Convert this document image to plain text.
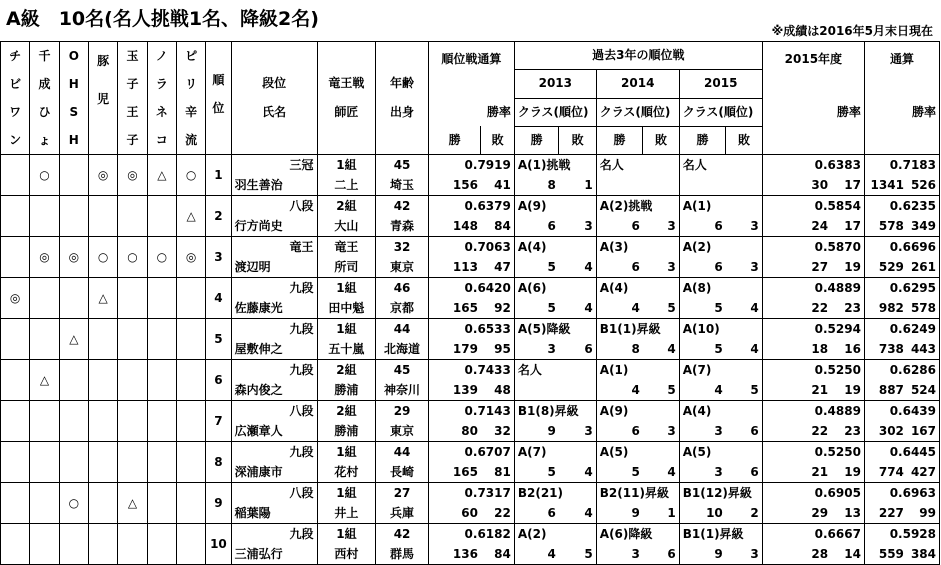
A級　10名(名人挑戦1名、降級2名)
※成績は2016年5月末日現在
チ
ビ
ワ
ン	千
成
ひ
ょ	O
H
S
H	豚
児	玉
子
王
子	ノ
ラ
ネ
コ	ピ
リ
辛
流	順
位				順位戦通算		過去3年の順位戦						2015年度		通算	
								段位	竜王戦	年齢			2013		2014		2015					
								氏名	師匠	出身	勝率		クラス(順位)		クラス(順位)		クラス(順位)		勝率		勝率	
											勝	敗	勝	敗	勝	敗	勝	敗				
	○		◎	◎	△	○	1	三冠	1組	45	0.7919		A(1)挑戦		名人		名人		0.6383		0.7183	
								羽生善治	二上	埼玉	156	41	8	1					30	17	1341	526
						△	2	八段	2組	42	0.6379		A(9)		A(2)挑戦		A(1)		0.5854		0.6235	
								行方尚史	大山	青森	148	84	6	3	6	3	6	3	24	17	578	349
	◎	◎	○	○	○	◎	3	竜王	竜王	32	0.7063		A(4)		A(3)		A(2)		0.5870		0.6696	
								渡辺明	所司	東京	113	47	5	4	6	3	6	3	27	19	529	261
◎			△				4	九段	1組	46	0.6420		A(6)		A(4)		A(8)		0.4889		0.6295	
								佐藤康光	田中魁	京都	165	92	5	4	4	5	5	4	22	23	982	578
		△					5	九段	1組	44	0.6533		A(5)降級		B1(1)昇級		A(10)		0.5294		0.6249	
								屋敷伸之	五十嵐	北海道	179	95	3	6	8	4	5	4	18	16	738	443
	△						6	九段	2組	45	0.7433		名人		A(1)		A(7)		0.5250		0.6286	
								森内俊之	勝浦	神奈川	139	48			4	5	4	5	21	19	887	524
							7	八段	2組	29	0.7143		B1(8)昇級		A(9)		A(4)		0.4889		0.6439	
								広瀬章人	勝浦	東京	80	32	9	3	6	3	3	6	22	23	302	167
							8	九段	1組	44	0.6707		A(7)		A(5)		A(5)		0.5250		0.6445	
								深浦康市	花村	長崎	165	81	5	4	5	4	3	6	21	19	774	427
		○		△			9	八段	1組	27	0.7317		B2(21)		B2(11)昇級		B1(12)昇級		0.6905		0.6963	
								稲葉陽	井上	兵庫	60	22	6	4	9	1	10	2	29	13	227	99
							10	九段	1組	42	0.6182		A(2)		A(6)降級		B1(1)昇級		0.6667		0.5928	
								三浦弘行	西村	群馬	136	84	4	5	3	6	9	3	28	14	559	384
